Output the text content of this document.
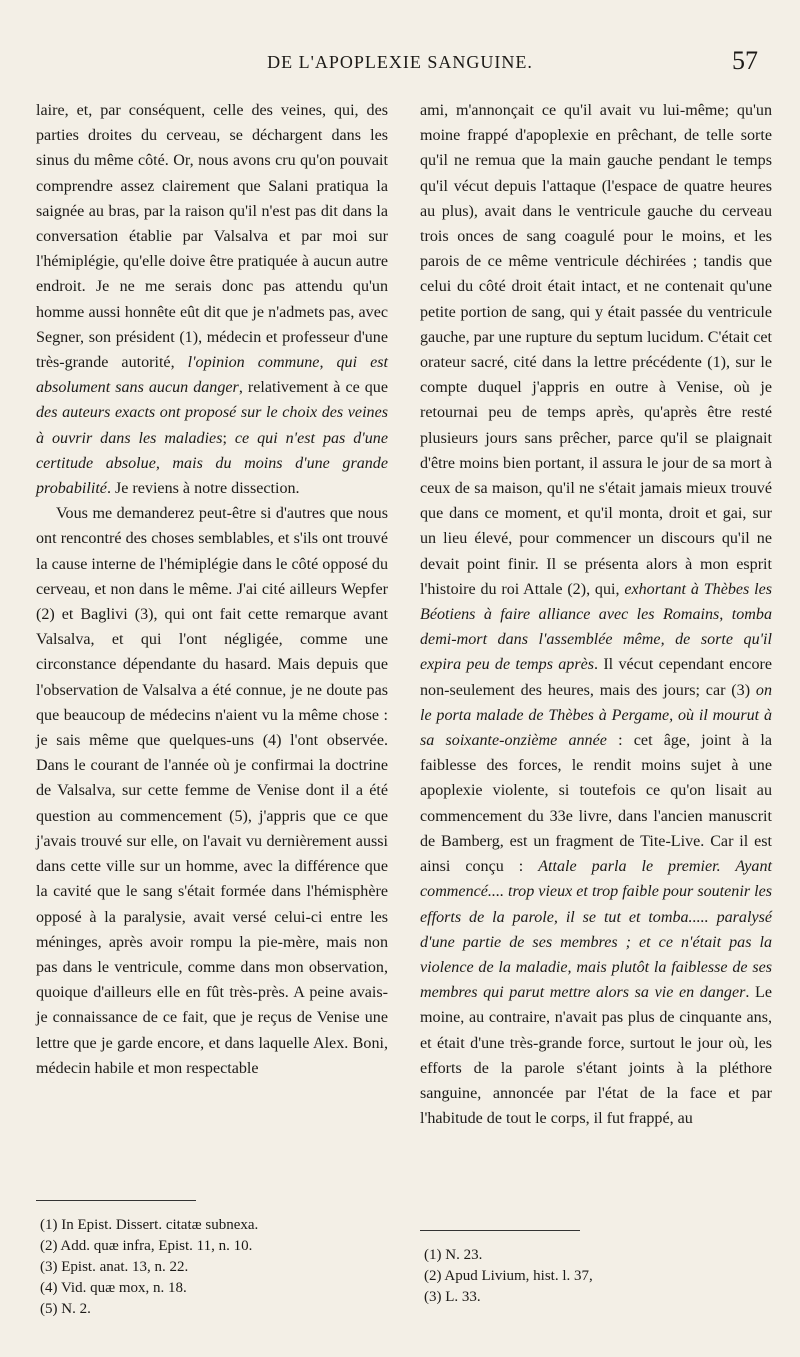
DE L'APOPLEXIE SANGUINE.	57

laire, et, par conséquent, celle des veines, qui, des parties droites du cerveau, se déchargent dans les sinus du même côté. Or, nous avons cru qu'on pouvait comprendre assez clairement que Salani pratiqua la saignée au bras, par la raison qu'il n'est pas dit dans la conversation établie par Valsalva et par moi sur l'hémiplégie, qu'elle doive être pratiquée à aucun autre endroit. Je ne me serais donc pas attendu qu'un homme aussi honnête eût dit que je n'admets pas, avec Segner, son président (1), médecin et professeur d'une très-grande autorité, l'opinion commune, qui est absolument sans aucun danger, relativement à ce que des auteurs exacts ont proposé sur le choix des veines à ouvrir dans les maladies; ce qui n'est pas d'une certitude absolue, mais du moins d'une grande probabilité. Je reviens à notre dissection.

Vous me demanderez peut-être si d'autres que nous ont rencontré des choses semblables, et s'ils ont trouvé la cause interne de l'hémiplégie dans le côté opposé du cerveau, et non dans le même. J'ai cité ailleurs Wepfer (2) et Baglivi (3), qui ont fait cette remarque avant Valsalva, et qui l'ont négligée, comme une circonstance dépendante du hasard. Mais depuis que l'observation de Valsalva a été connue, je ne doute pas que beaucoup de médecins n'aient vu la même chose : je sais même que quelques-uns (4) l'ont observée. Dans le courant de l'année où je confirmai la doctrine de Valsalva, sur cette femme de Venise dont il a été question au commencement (5), j'appris que ce que j'avais trouvé sur elle, on l'avait vu dernièrement aussi dans cette ville sur un homme, avec la différence que la cavité que le sang s'était formée dans l'hémisphère opposé à la paralysie, avait versé celui-ci entre les méninges, après avoir rompu la pie-mère, mais non pas dans le ventricule, comme dans mon observation, quoique d'ailleurs elle en fût très-près. A peine avais-je connaissance de ce fait, que je reçus de Venise une lettre que je garde encore, et dans laquelle Alex. Boni, médecin habile et mon respectable

ami, m'annonçait ce qu'il avait vu lui-même; qu'un moine frappé d'apoplexie en prêchant, de telle sorte qu'il ne remua que la main gauche pendant le temps qu'il vécut depuis l'attaque (l'espace de quatre heures au plus), avait dans le ventricule gauche du cerveau trois onces de sang coagulé pour le moins, et les parois de ce même ventricule déchirées ; tandis que celui du côté droit était intact, et ne contenait qu'une petite portion de sang, qui y était passée du ventricule gauche, par une rupture du septum lucidum. C'était cet orateur sacré, cité dans la lettre précédente (1), sur le compte duquel j'appris en outre à Venise, où je retournai peu de temps après, qu'après être resté plusieurs jours sans prêcher, parce qu'il se plaignait d'être moins bien portant, il assura le jour de sa mort à ceux de sa maison, qu'il ne s'était jamais mieux trouvé que dans ce moment, et qu'il monta, droit et gai, sur un lieu élevé, pour commencer un discours qu'il ne devait point finir. Il se présenta alors à mon esprit l'histoire du roi Attale (2), qui, exhortant à Thèbes les Béotiens à faire alliance avec les Romains, tomba demi-mort dans l'assemblée même, de sorte qu'il expira peu de temps après. Il vécut cependant encore non-seulement des heures, mais des jours; car (3) on le porta malade de Thèbes à Pergame, où il mourut à sa soixante-onzième année : cet âge, joint à la faiblesse des forces, le rendit moins sujet à une apoplexie violente, si toutefois ce qu'on lisait au commencement du 33e livre, dans l'ancien manuscrit de Bamberg, est un fragment de Tite-Live. Car il est ainsi conçu : Attale parla le premier. Ayant commencé.... trop vieux et trop faible pour soutenir les efforts de la parole, il se tut et tomba..... paralysé d'une partie de ses membres ; et ce n'était pas la violence de la maladie, mais plutôt la faiblesse de ses membres qui parut mettre alors sa vie en danger. Le moine, au contraire, n'avait pas plus de cinquante ans, et était d'une très-grande force, surtout le jour où, les efforts de la parole s'étant joints à la pléthore sanguine, annoncée par l'état de la face et par l'habitude de tout le corps, il fut frappé, au

(1) In Epist. Dissert. citatæ subnexa.
(2) Add. quæ infra, Epist. 11, n. 10.
(3) Epist. anat. 13, n. 22.
(4) Vid. quæ mox, n. 18.
(5) N. 2.
(1) N. 23.
(2) Apud Livium, hist. l. 37,
(3) L. 33.
